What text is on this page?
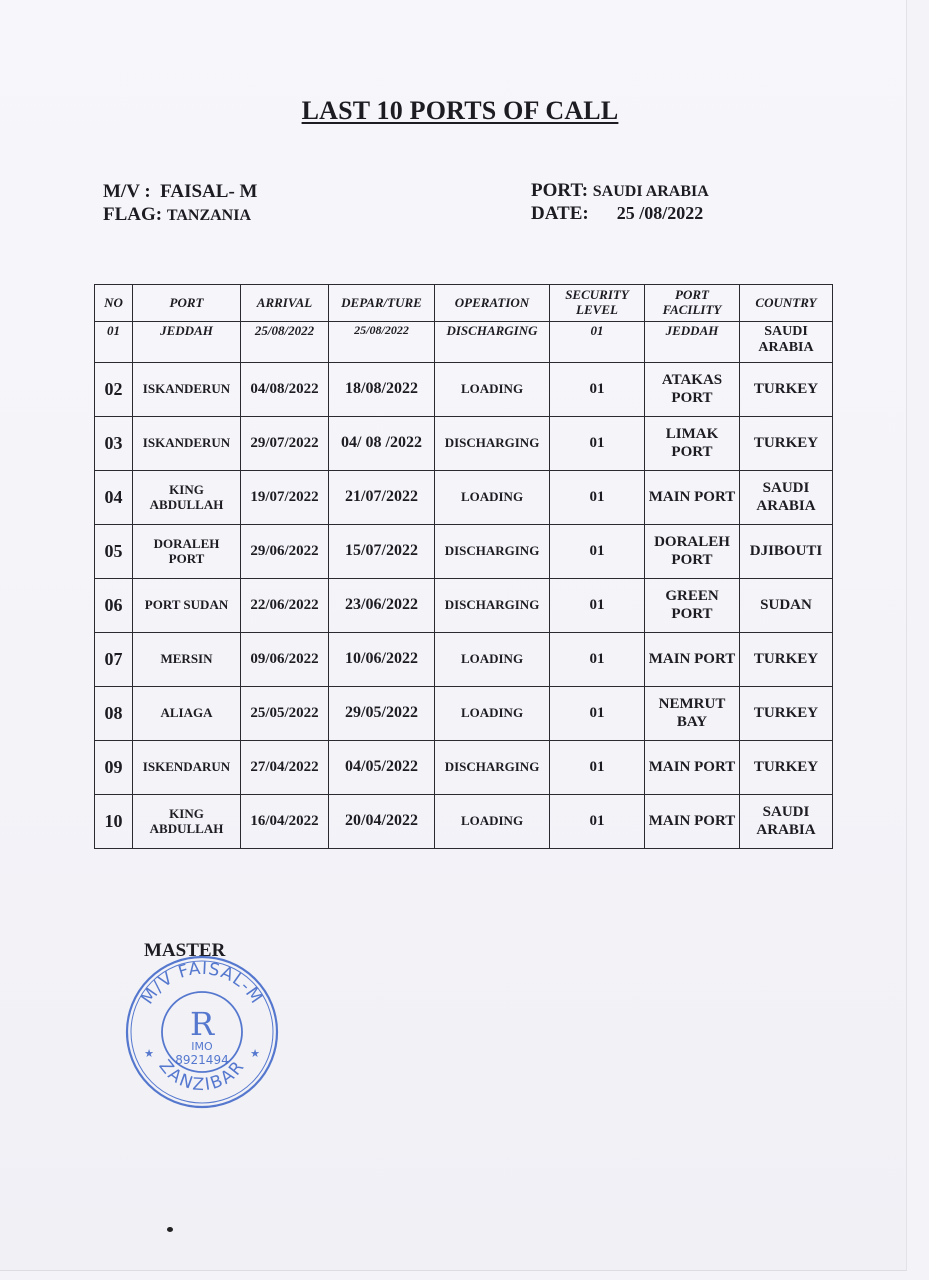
LAST 10 PORTS OF CALL
M/V : FAISAL- M
FLAG: TANZANIA
PORT: SAUDI ARABIA
DATE: 25 /08/2022
NO	PORT	ARRIVAL	DEPAR/TURE	OPERATION	SECURITY LEVEL	PORT FACILITY	COUNTRY
01	JEDDAH	25/08/2022	25/08/2022	DISCHARGING	01	JEDDAH	SAUDI ARABIA
02	ISKANDERUN	04/08/2022	18/08/2022	LOADING	01	ATAKAS PORT	TURKEY
03	ISKANDERUN	29/07/2022	04/ 08 /2022	DISCHARGING	01	LIMAK PORT	TURKEY
04	KING ABDULLAH	19/07/2022	21/07/2022	LOADING	01	MAIN PORT	SAUDI ARABIA
05	DORALEH PORT	29/06/2022	15/07/2022	DISCHARGING	01	DORALEH PORT	DJIBOUTI
06	PORT SUDAN	22/06/2022	23/06/2022	DISCHARGING	01	GREEN PORT	SUDAN
07	MERSIN	09/06/2022	10/06/2022	LOADING	01	MAIN PORT	TURKEY
08	ALIAGA	25/05/2022	29/05/2022	LOADING	01	NEMRUT BAY	TURKEY
09	ISKENDARUN	27/04/2022	04/05/2022	DISCHARGING	01	MAIN PORT	TURKEY
10	KING ABDULLAH	16/04/2022	20/04/2022	LOADING	01	MAIN PORT	SAUDI ARABIA
MASTER
M/V FAISAL-M
ZANZIBAR
R
IMO
8921494
★	★
